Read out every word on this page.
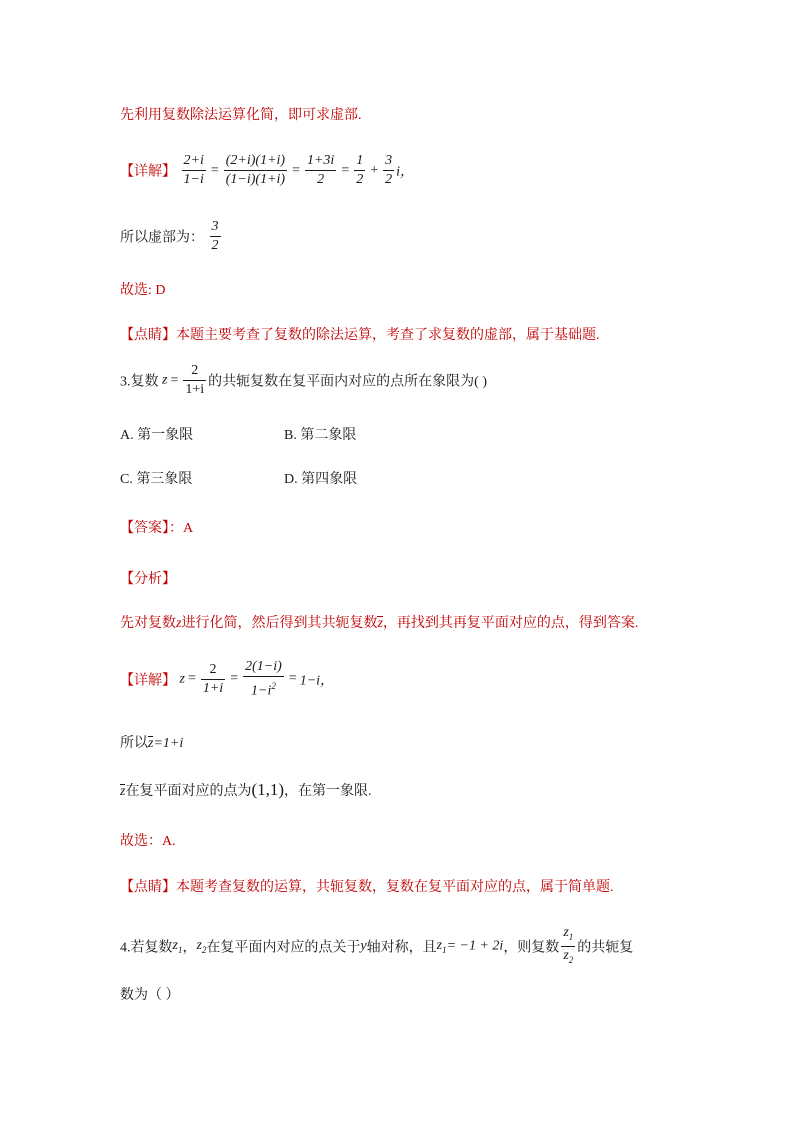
先利用复数除法运算化简，即可求虚部.
【详解】 $\frac{2+i}{1-i} = \frac{(2+i)(1+i)}{(1-i)(1+i)} = \frac{1+3i}{2} = \frac{1}{2} + \frac{3}{2}$ i，
所以虚部为： $\frac{3}{2}$
故选: D
【点睛】本题主要考查了复数的除法运算，考查了求复数的虚部，属于基础题.
3.复数 $z = \frac{2}{1+i}$ 的共轭复数在复平面内对应的点所在象限为( )
A. 第一象限	B. 第二象限
C. 第三象限	D. 第四象限
【答案】：A
【分析】
先对复数z进行化简，然后得到其共轭复数z，再找到其再复平面对应的点，得到答案.
【详解】 $z = \frac{2}{1+i} = \frac{2(1-i)}{1-i^2} = 1-i$，
所以z=1+i
z在复平面对应的点为(1,1)，在第一象限.
故选：A.
【点睛】本题考查复数的运算，共轭复数，复数在复平面对应的点，属于简单题.
4.若复数$z_1$，$z_2$在复平面内对应的点关于y轴对称，且$z_1= -1 + 2i$，则复数 $\frac{z_1}{z_2}$ 的共轭复
数为（ ）
